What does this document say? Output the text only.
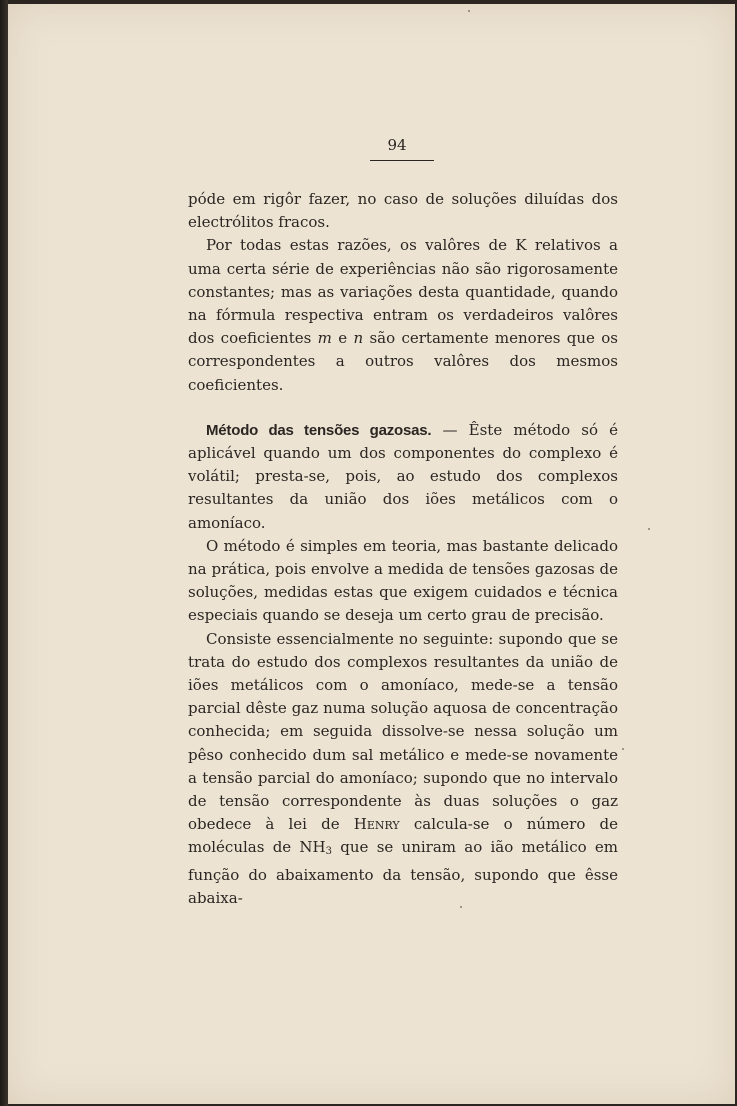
94

póde em rigôr fazer, no caso de soluções diluídas dos electrólitos fracos.

Por todas estas razões, os valôres de K relativos a uma certa série de experiências não são rigorosamente constantes; mas as variações desta quantidade, quando na fórmula respectiva entram os verdadeiros valôres dos coeficientes m e n são certamente menores que os correspondentes a outros valôres dos mesmos coeficientes.

Método das tensões gazosas. — Êste método só é aplicável quando um dos componentes do complexo é volátil; presta-se, pois, ao estudo dos complexos resultantes da união dos iões metálicos com o amoníaco.

O método é simples em teoria, mas bastante delicado na prática, pois envolve a medida de tensões gazosas de soluções, medidas estas que exigem cuidados e técnica especiais quando se deseja um certo grau de precisão.

Consiste essencialmente no seguinte: supondo que se trata do estudo dos complexos resultantes da união de iões metálicos com o amoníaco, mede-se a tensão parcial dêste gaz numa solução aquosa de concentração conhecida; em seguida dissolve-se nessa solução um pêso conhecido dum sal metálico e mede-se novamente a tensão parcial do amoníaco; supondo que no intervalo de tensão correspondente às duas soluções o gaz obedece à lei de Henry calcula-se o número de moléculas de $NH_3$ que se uniram ao ião metálico em função do abaixamento da tensão, supondo que êsse abaixa-
